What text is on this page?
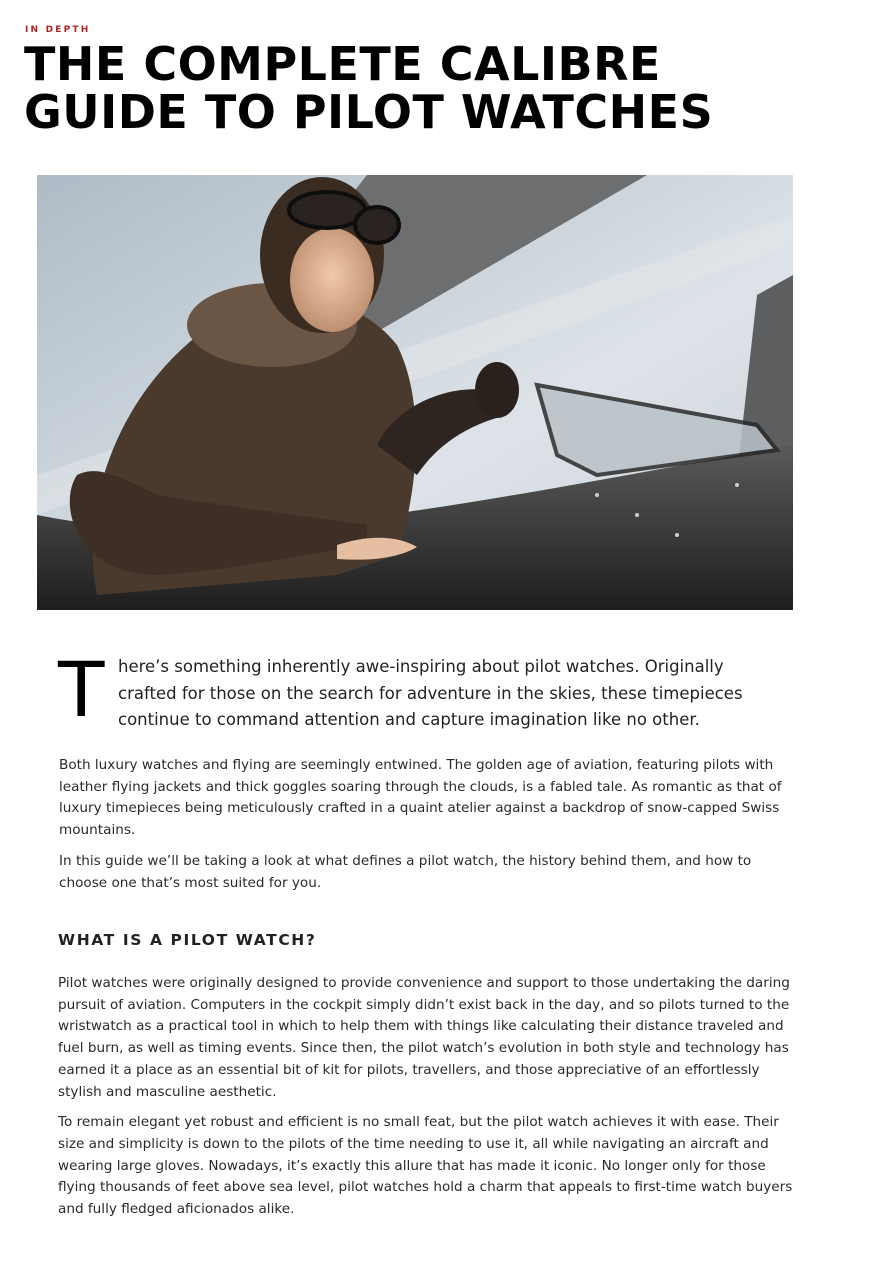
IN DEPTH
THE COMPLETE CALIBRE GUIDE TO PILOT WATCHES
T here’s something inherently awe-inspiring about pilot watches. Originally crafted for those on the search for adventure in the skies, these timepieces continue to command attention and capture imagination like no other.

Both luxury watches and flying are seemingly entwined. The golden age of aviation, featuring pilots with leather flying jackets and thick goggles soaring through the clouds, is a fabled tale. As romantic as that of luxury timepieces being meticulously crafted in a quaint atelier against a backdrop of snow-capped Swiss mountains.

In this guide we’ll be taking a look at what defines a pilot watch, the history behind them, and how to choose one that’s most suited for you.

WHAT IS A PILOT WATCH?

Pilot watches were originally designed to provide convenience and support to those undertaking the daring pursuit of aviation. Computers in the cockpit simply didn’t exist back in the day, and so pilots turned to the wristwatch as a practical tool in which to help them with things like calculating their distance traveled and fuel burn, as well as timing events. Since then, the pilot watch’s evolution in both style and technology has earned it a place as an essential bit of kit for pilots, travellers, and those appreciative of an effortlessly stylish and masculine aesthetic.

To remain elegant yet robust and efficient is no small feat, but the pilot watch achieves it with ease. Their size and simplicity is down to the pilots of the time needing to use it, all while navigating an aircraft and wearing large gloves. Nowadays, it’s exactly this allure that has made it iconic. No longer only for those flying thousands of feet above sea level, pilot watches hold a charm that appeals to first-time watch buyers and fully fledged aficionados alike.
